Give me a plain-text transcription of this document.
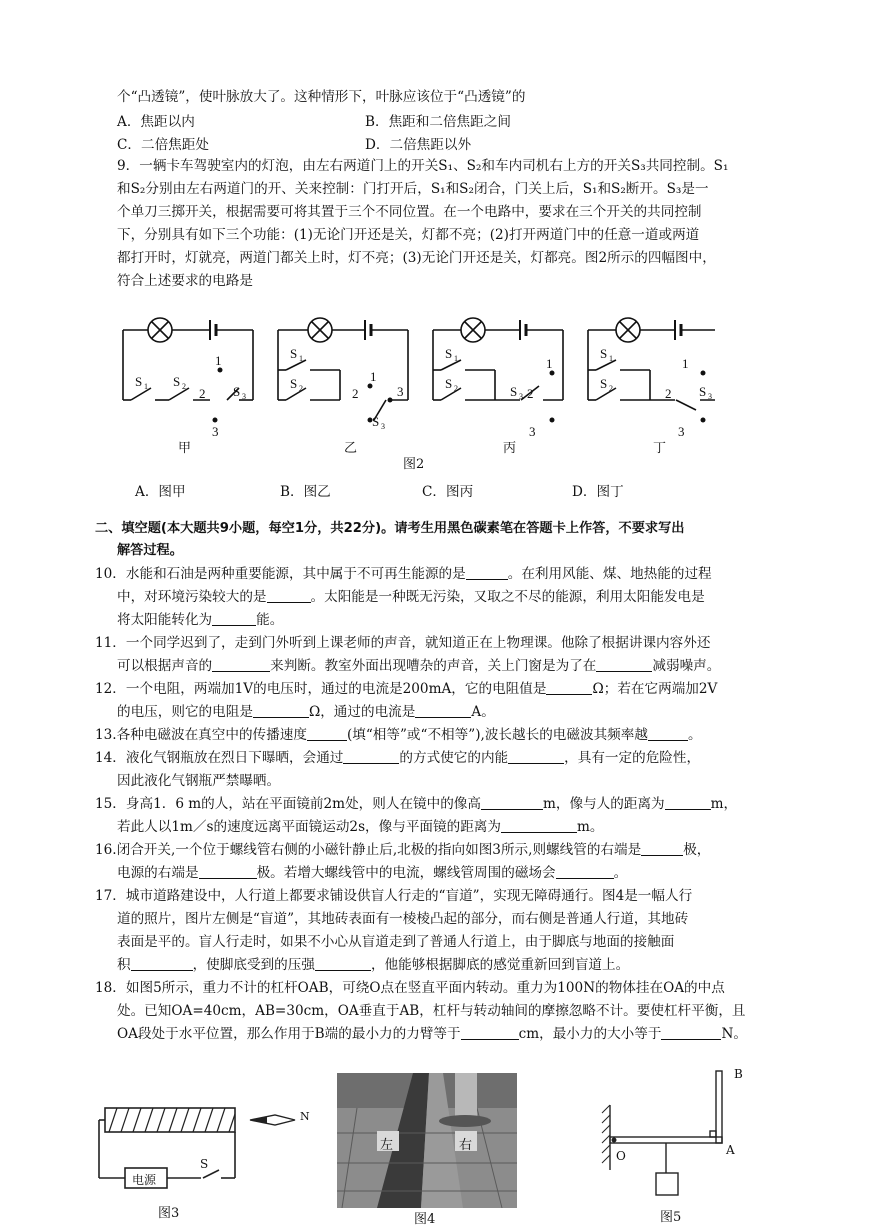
个“凸透镜”，使叶脉放大了。这种情形下，叶脉应该位于“凸透镜”的
A．焦距以内	B．焦距和二倍焦距之间
C．二倍焦距处	D．二倍焦距以外
9．一辆卡车驾驶室内的灯泡，由左右两道门上的开关S₁、S₂和车内司机右上方的开关S₃共同控制。S₁
和S₂分别由左右两道门的开、关来控制：门打开后，S₁和S₂闭合，门关上后，S₁和S₂断开。S₃是一
个单刀三掷开关，根据需要可将其置于三个不同位置。在一个电路中，要求在三个开关的共同控制
下，分别具有如下三个功能：(1)无论门开还是关，灯都不亮；(2)打开两道门中的任意一道或两道
都打开时，灯就亮，两道门都关上时，灯不亮；(3)无论门开还是关，灯都亮。图2所示的四幅图中，
符合上述要求的电路是
S 1 S 2
1
2 S 3
3
S 1
S 2
1
2	3
S 3
S 1
S 2
1
S 3 2
3
S 1
S 2
1
2 S 3
3
甲	乙	丙	丁
图2
A．图甲	B．图乙	C．图丙	D．图丁
二、填空题(本大题共9小题，每空1分，共22分)。请考生用黑色碳素笔在答题卡上作答，不要求写出
解答过程。
10．水能和石油是两种重要能源，其中属于不可再生能源的是	。在利用风能、煤、地热能的过程
中，对环境污染较大的是	。太阳能是一种既无污染，又取之不尽的能源，利用太阳能发电是
将太阳能转化为	能。
11．一个同学迟到了，走到门外听到上课老师的声音，就知道正在上物理课。他除了根据讲课内容外还
可以根据声音的	来判断。教室外面出现嘈杂的声音，关上门窗是为了在	减弱噪声。
12．一个电阻，两端加1V的电压时，通过的电流是200mA，它的电阻值是	Ω；若在它两端加2V
的电压，则它的电阻是	Ω，通过的电流是	A。
13.各种电磁波在真空中的传播速度	(填“相等”或“不相等”),波长越长的电磁波其频率越	。
14．液化气钢瓶放在烈日下曝晒，会通过	的方式使它的内能	，具有一定的危险性，
因此液化气钢瓶严禁曝晒。
15．身高1．6 m的人，站在平面镜前2m处，则人在镜中的像高	m，像与人的距离为	m，
若此人以1m／s的速度远离平面镜运动2s，像与平面镜的距离为	m。
16.闭合开关,一个位于螺线管右侧的小磁针静止后,北极的指向如图3所示,则螺线管的右端是	极，
电源的右端是	极。若增大螺线管中的电流，螺线管周围的磁场会	。
17．城市道路建设中，人行道上都要求铺设供盲人行走的“盲道”，实现无障碍通行。图4是一幅人行
道的照片，图片左侧是“盲道”，其地砖表面有一棱棱凸起的部分，而右侧是普通人行道，其地砖
表面是平的。盲人行走时，如果不小心从盲道走到了普通人行道上，由于脚底与地面的接触面
积	，使脚底受到的压强	，他能够根据脚底的感觉重新回到盲道上。
18．如图5所示，重力不计的杠杆OAB，可绕O点在竖直平面内转动。重力为100N的物体挂在OA的中点
处。已知OA=40cm，AB=30cm，OA垂直于AB，杠杆与转动轴间的摩擦忽略不计。要使杠杆平衡，且
OA段处于水平位置，那么作用于B端的最小力的力臂等于	cm，最小力的大小等于	N。
N
电源
S
图3
左	右
图4
B
A
O
图5
